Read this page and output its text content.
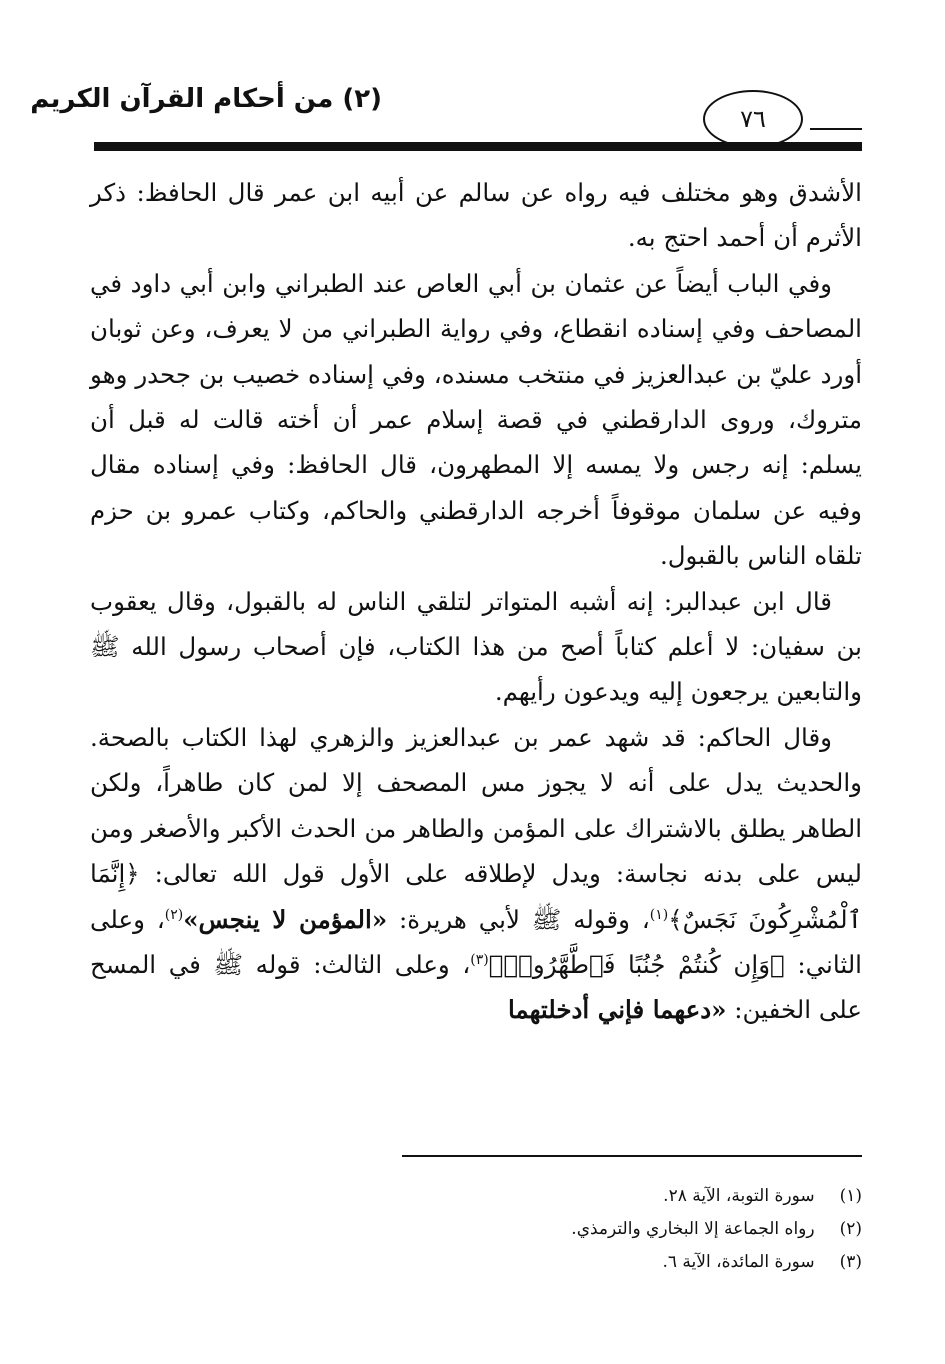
(٢) من أحكام القرآن الكريم
٧٦

الأشدق وهو مختلف فيه رواه عن سالم عن أبيه ابن عمر قال الحافظ: ذكر الأثرم أن أحمد احتج به.

وفي الباب أيضاً عن عثمان بن أبي العاص عند الطبراني وابن أبي داود في المصاحف وفي إسناده انقطاع، وفي رواية الطبراني من لا يعرف، وعن ثوبان أورد عليّ بن عبدالعزيز في منتخب مسنده، وفي إسناده خصيب بن جحدر وهو متروك، وروى الدارقطني في قصة إسلام عمر أن أخته قالت له قبل أن يسلم: إنه رجس ولا يمسه إلا المطهرون، قال الحافظ: وفي إسناده مقال وفيه عن سلمان موقوفاً أخرجه الدارقطني والحاكم، وكتاب عمرو بن حزم تلقاه الناس بالقبول.

قال ابن عبدالبر: إنه أشبه المتواتر لتلقي الناس له بالقبول، وقال يعقوب بن سفيان: لا أعلم كتاباً أصح من هذا الكتاب، فإن أصحاب رسول الله ﷺ والتابعين يرجعون إليه ويدعون رأيهم.

وقال الحاكم: قد شهد عمر بن عبدالعزيز والزهري لهذا الكتاب بالصحة. والحديث يدل على أنه لا يجوز مس المصحف إلا لمن كان طاهراً، ولكن الطاهر يطلق بالاشتراك على المؤمن والطاهر من الحدث الأكبر والأصغر ومن ليس على بدنه نجاسة: ويدل لإطلاقه على الأول قول الله تعالى: ﴿إِنَّمَا ٱلْمُشْرِكُونَ نَجَسٌ﴾$^{(١)}$، وقوله ﷺ لأبي هريرة: «المؤمن لا ينجس»$^{(٢)}$، وعلى الثاني: ﴿وَإِن كُنتُمْ جُنُبًا فَٱطَّهَّرُوا۟﴾$^{(٣)}$، وعلى الثالث: قوله ﷺ في المسح على الخفين: «دعهما فإني أدخلتهما

(١) سورة التوبة، الآية ٢٨.

(٢) رواه الجماعة إلا البخاري والترمذي.

(٣) سورة المائدة، الآية ٦.
